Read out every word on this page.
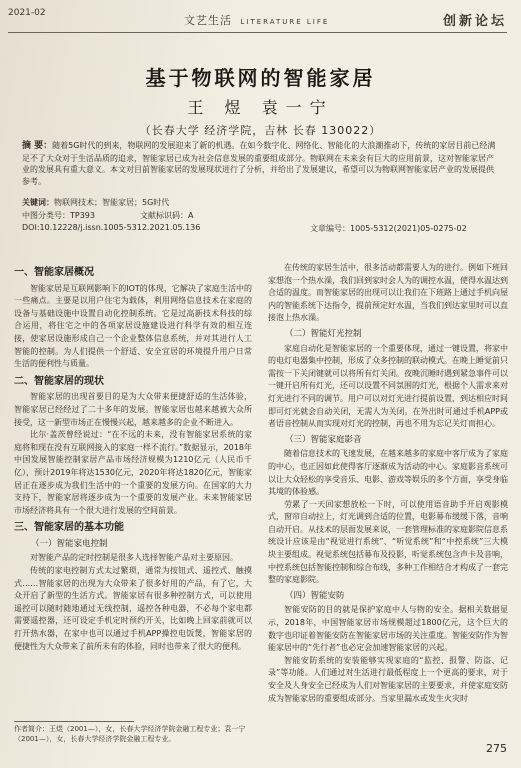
2021-02
文艺生活 LITERATURE LIFE	创新论坛
基于物联网的智能家居
王 煜 袁一宁
（长春大学 经济学院，吉林 长春 130022）
摘 要：随着5G时代的到来，物联网的发展迎来了新的机遇。在如今数字化、网络化、智能化的大浪潮推动下，传统的家居目前已经满足不了大众对于生活品质的追求，智能家居已成为社会信息发展的重要组成部分。物联网在未来会有巨大的应用前景，这对智能家居产业的发展具有重大意义。本文对目前智能家居的发展现状进行了分析，并给出了发展建议，希望可以为物联网智能家居产业的发展提供参考。
关键词：物联网技术；智能家居；5G时代
中图分类号：TP393	文献标识码：A
DOI:10.12228/j.issn.1005-5312.2021.05.136	文章编号：1005-5312(2021)05-0275-02
一、智能家居概况

智能家居是互联网影响下的IOT的体现，它解决了家庭生活中的一些痛点。主要是以用户住宅为载体，利用网络信息技术在家庭的设备与基础设施中设置自动化控制系统。它是过高新技术科技的综合运用，将住宅之中的各项家居设施建设进行科学有效的相互连接，使家居设施形成自己一个企业整体信息系统，并对其进行人工智能的控制。为人们提供一个舒适、安全宜居的环境提升用户日常生活的便利性与质量。

二、智能家居的现状

智能家居的出现首要目的是为大众带来便捷舒适的生活体验，智能家居已经经过了二十多年的发展。智能家居也越来越被大众所接受，这一新型市场正在慢慢兴起，越来越多的企业不断进入。

比尔·盖茨曾经说过：“在不远的未来，没有智能家居系统的家庭将和现在没有互联网接入的家庭一样不流行。”数据显示，2018年中国发展智能控制家居产品市场经济规模为1210亿元（人民币千亿），预计2019年将达1530亿元，2020年将达1820亿元，智能家居正在逐步成为我们生活中的一个重要的发展方向。在国家的大力支持下，智能家居将逐步成为一个重要的发展产业。未来智能家居市场经济将具有一个很大进行发展的空间前景。

三、智能家居的基本功能
（一）智能家电控制

对智能产品的定时控制是很多人选择智能产品对主要原因。

传统的家电控制方式太过繁琐，通常为按钮式、遥控式、触摸式……智能家居的出现为大众带来了很多好用的产品，有了它，大众开启了新型的生活方式。智能家居有很多种控制方式，可以使用遥控可以随时随地通过无线控制，遥控各种电器，不必每个家电都需要遥控器，还可设定手机定时预约开关，比如晚上回家前就可以打开热水器，在家中也可以通过手机APP操控电饭煲，智能家居的便捷性为大众带来了前所未有的体验，同时也带来了很大的便利。

在传统的家居生活中，很多活动都需要人为的进行。例如下班回家想泡一个热水澡，我们回到家时会人为的调控水温，使得水温达到合适的温度。而智能家居的出现可以让我们在下班路上通过手机向屋内的智能系统下达指令，提前预定好水温，当我们到达家里时可以直接泡上热水澡。

（二）智能灯光控制

家庭自动化是智能家居的一个重要体现，通过一键设置，将家中的电灯电器集中控制，形成了众多控制的联动模式。在晚上睡觉前只需按一下关闭键就可以将所有灯关闭。夜晚沉睡时遇到紧急事件可以一键开启所有灯光，还可以设置不同氛围的灯光，根据个人需求来对灯光进行不同的调节。用户可以对灯光进行提前设置，到达相应时间即可灯光就会自动关闭，无需人为关闭。在外出时可通过手机APP或者语音控制从而实现对灯光的控制，再也不用为忘记关灯而担心。

（三）智能家庭影音

随着信息技术的飞速发展，在越来越多的家庭中客厅成为了家庭的中心，也正因如此使得客厅逐渐成为活动的中心。家庭影音系统可以让大众轻松的享受音乐、电影、游戏等娱乐的多个方面，享受身临其境的体验感。

劳累了一天回家想放松一下时，可以使用语音助手开启观影模式，窗帘自动拉上，灯光调到合适的位置，电影幕布缓缓下落，音响自动开启。从技术的层面发展来说，一套管理标准的家庭影院信息系统设计应该是由“视觉进行系统”、“听觉系统”和“中控系统”三大模块主要组成。视觉系统包括幕布及投影，听觉系统包含声卡及音响，中控系统包括智能控制和综合布线，多种工作相结合才构成了一套完整的家庭影院。

（四）智能安防

智能安防的目的就是保护家庭中人与物的安全。据相关数据显示，2018年，中国智能家居市场规模超过1800亿元，这个巨大的数字也印证着智能安防在智能家居市场的关注重度。智能安防作为智能家居中的“先行者”也必定会加速智能家居的兴起。

智能安防系统的安装能够实现家庭的“监控、报警、防盗、记录”等功能。人们通过对生活进行最低程度上一个更高的要求，对于安全及人身安全已经成为人们对智能家居的主要要求，并使家庭安防成为智能家居的重要组成部分。当家里漏水或发生火灾时

作者简介：王煜（2001—），女，长春大学经济学院金融工程专业；袁一宁（2001—），女，长春大学经济学院金融工程专业。
275
